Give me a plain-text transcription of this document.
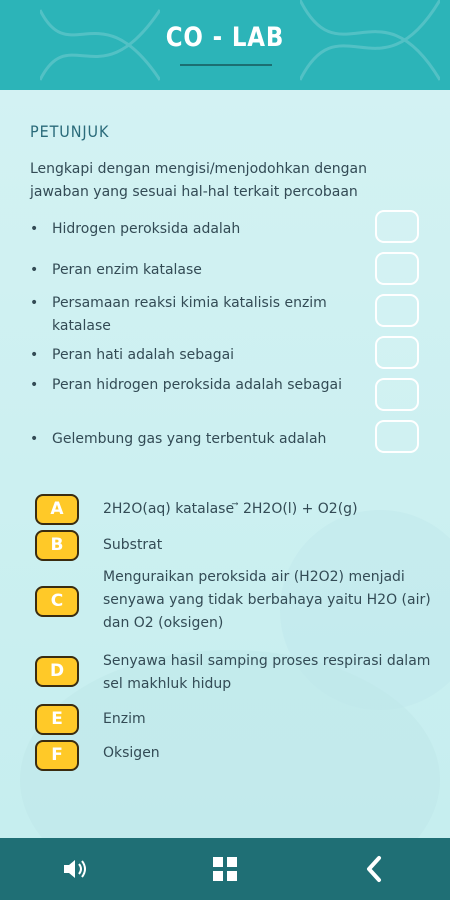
CO - LAB
PETUNJUK
Lengkapi dengan mengisi/menjodohkan dengan jawaban yang sesuai hal-hal terkait percobaan
• Hidrogen peroksida adalah
• Peran enzim katalase
• Persamaan reaksi kimia katalisis enzim katalase
• Peran hati adalah sebagai
• Peran hidrogen peroksida adalah sebagai
• Gelembung gas yang terbentuk adalah
A	2H2O(aq) katalase ⃗ 2H2O(l) + O2(g)
B	Substrat
C
Menguraikan peroksida air (H2O2) menjadi senyawa yang tidak berbahaya yaitu H2O (air) dan O2 (oksigen)
D	Senyawa hasil samping proses respirasi dalam sel makhluk hidup
E	Enzim
F	Oksigen
